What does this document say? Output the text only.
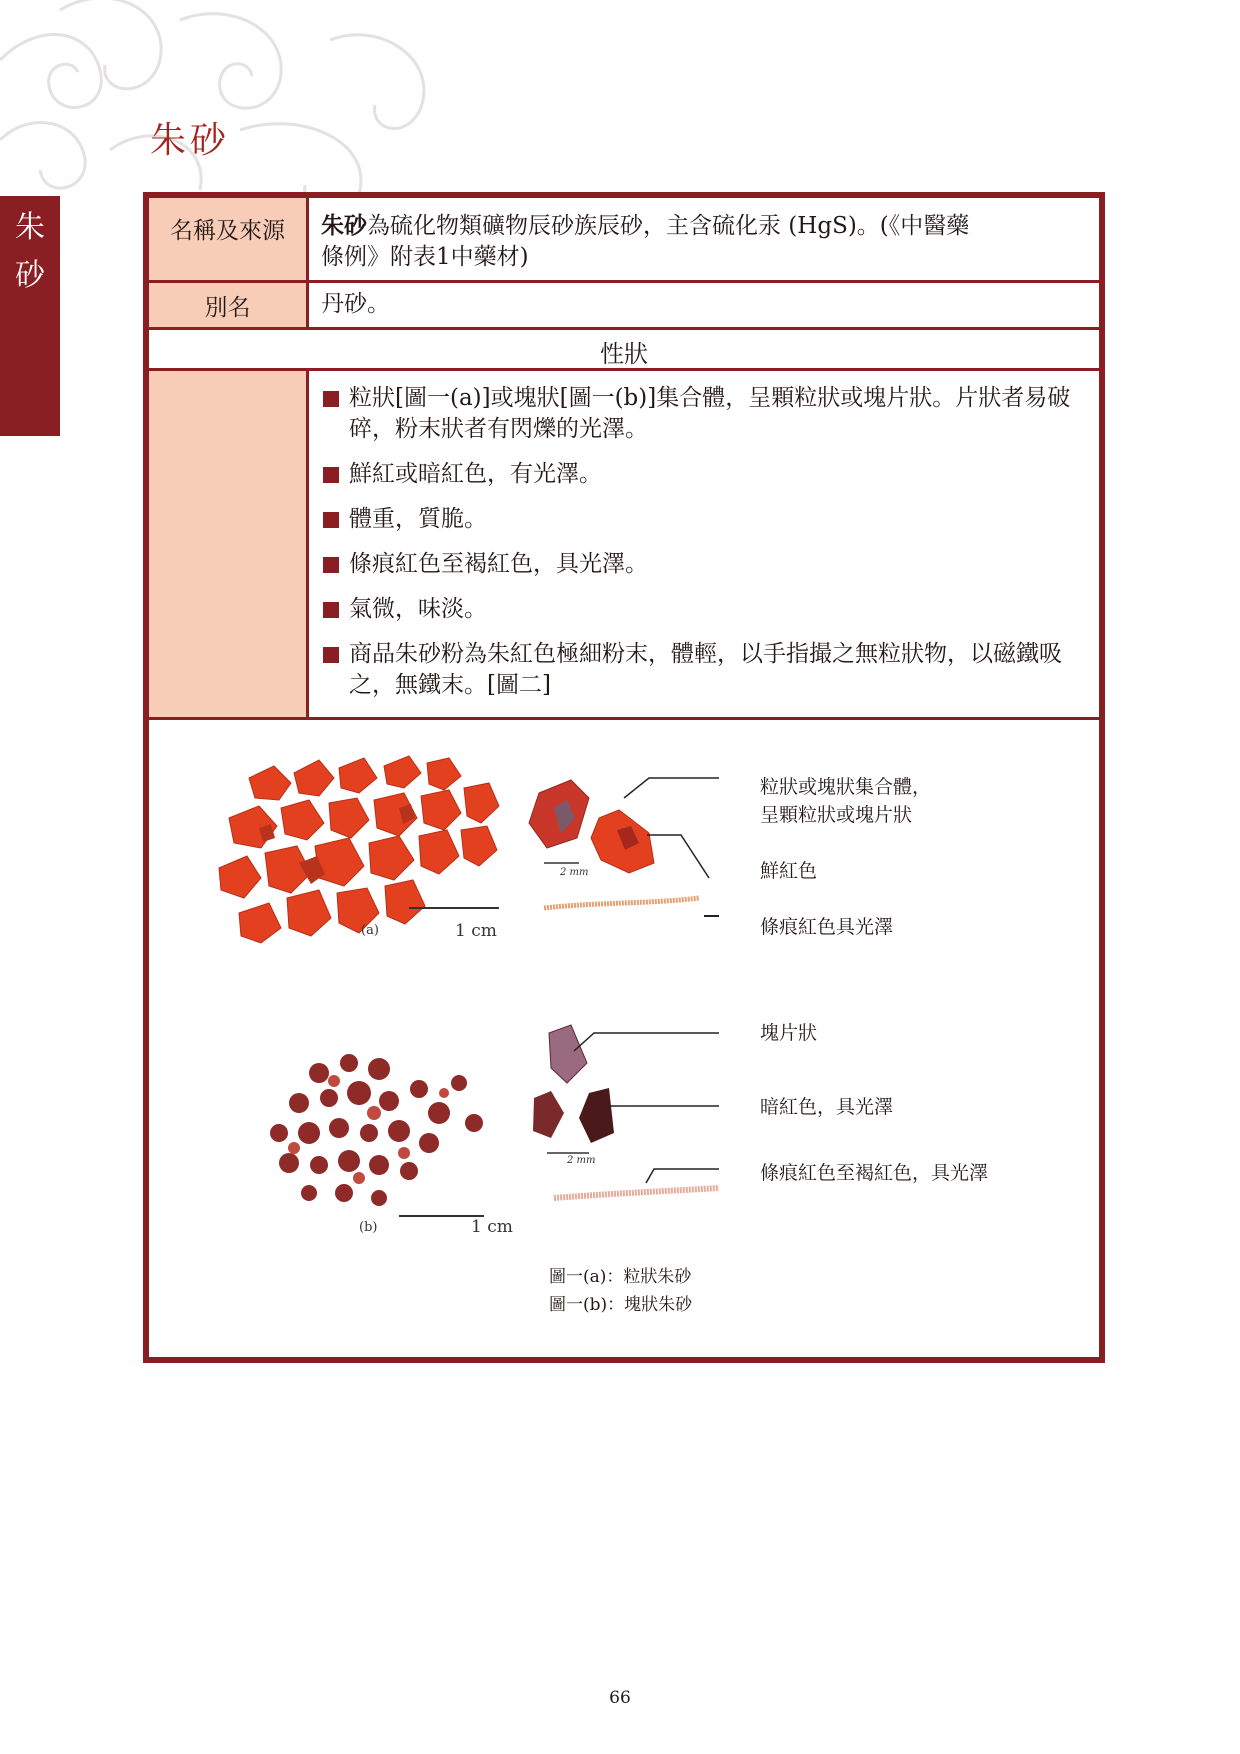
朱
砂
朱砂
名稱及來源	朱砂為硫化物類礦物辰砂族辰砂，主含硫化汞 (HgS)。(《中醫藥
條例》附表1中藥材)
別名	丹砂。
性狀
粒狀[圖一(a)]或塊狀[圖一(b)]集合體，呈顆粒狀或塊片狀。片狀者易破碎，粉末狀者有閃爍的光澤。
鮮紅或暗紅色，有光澤。
體重，質脆。
條痕紅色至褐紅色，具光澤。
氣微，味淡。
商品朱砂粉為朱紅色極細粉末，體輕，以手指撮之無粒狀物，以磁鐵吸之，無鐵末。[圖二]
(a)	1 cm
2 mm
粒狀或塊狀集合體，
呈顆粒狀或塊片狀
鮮紅色
條痕紅色具光澤
(b)	1 cm
2 mm
塊片狀
暗紅色，具光澤
條痕紅色至褐紅色，具光澤
圖一(a)：粒狀朱砂
圖一(b)：塊狀朱砂
66
